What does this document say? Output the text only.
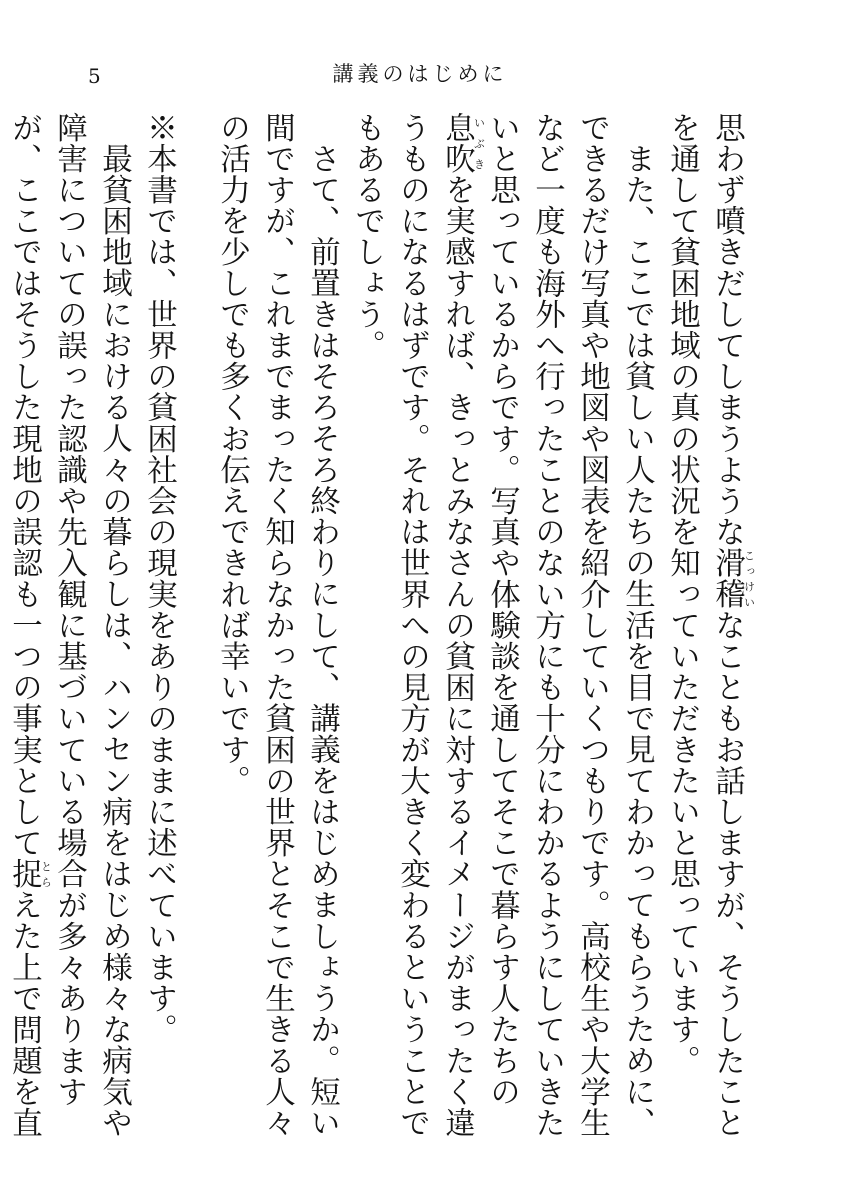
5	講義のはじめに

思わず噴きだしてしまうような滑稽こっけいなこともお話しますが、そうしたことを通して貧困地域の真の状況を知っていただきたいと思っています。

また、ここでは貧しい人たちの生活を目で見てわかってもらうために、できるだけ写真や地図や図表を紹介していくつもりです。高校生や大学生など一度も海外へ行ったことのない方にも十分にわかるようにしていきたいと思っているからです。写真や体験談を通してそこで暮らす人たちの息吹いぶきを実感すれば、きっとみなさんの貧困に対するイメージがまったく違うものになるはずです。それは世界への見方が大きく変わるということでもあるでしょう。

さて、前置きはそろそろ終わりにして、講義をはじめましょうか。短い間ですが、これまでまったく知らなかった貧困の世界とそこで生きる人々の活力を少しでも多くお伝えできれば幸いです。

※本書では、世界の貧困社会の現実をありのままに述べています。

最貧困地域における人々の暮らしは、ハンセン病をはじめ様々な病気や障害についての誤った認識や先入観に基づいている場合が多々ありますが、ここではそうした現地の誤認も一つの事実として捉とらえた上で問題を直
